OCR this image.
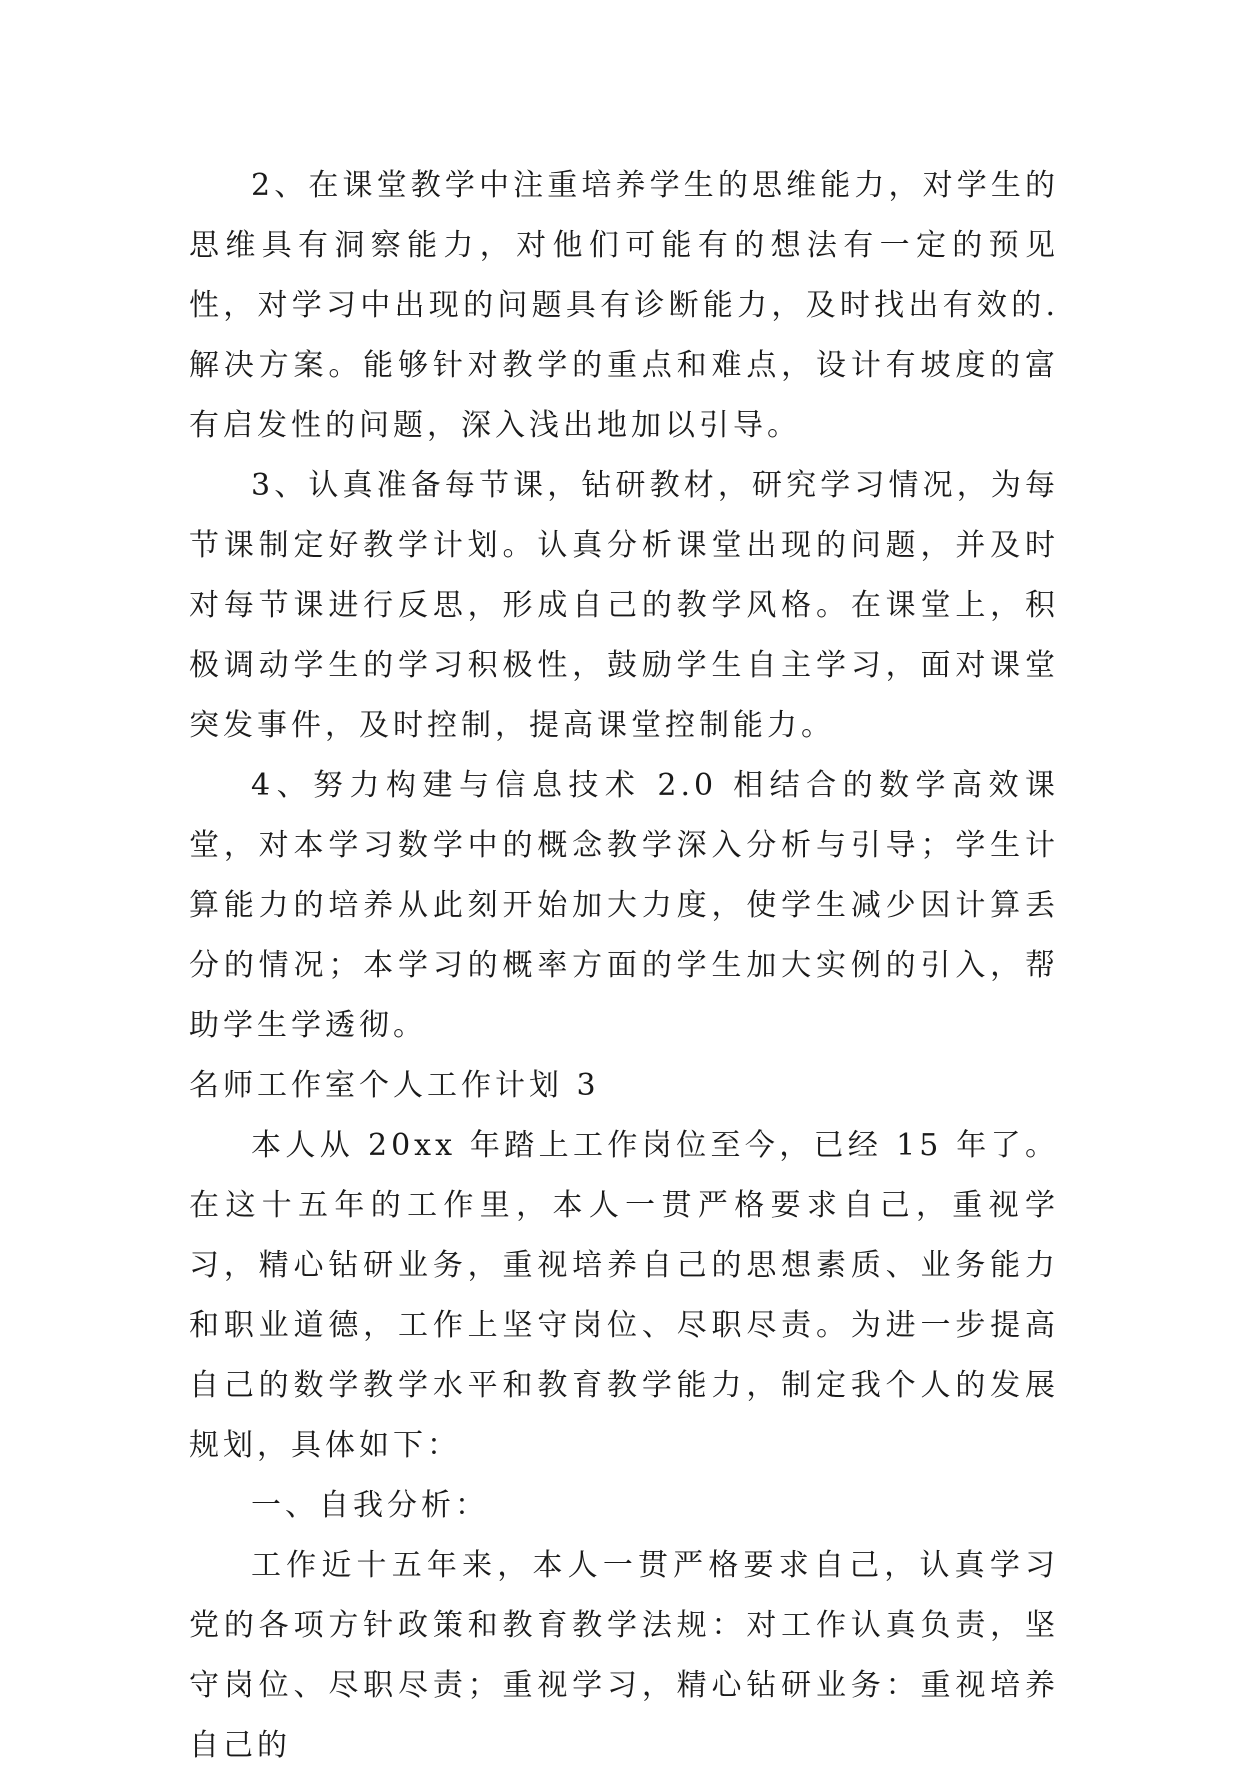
2、在课堂教学中注重培养学生的思维能力，对学生的思维具有洞察能力，对他们可能有的想法有一定的预见性，对学习中出现的问题具有诊断能力，及时找出有效的.解决方案。能够针对教学的重点和难点，设计有坡度的富有启发性的问题，深入浅出地加以引导。

3、认真准备每节课，钻研教材，研究学习情况，为每节课制定好教学计划。认真分析课堂出现的问题，并及时对每节课进行反思，形成自己的教学风格。在课堂上，积极调动学生的学习积极性，鼓励学生自主学习，面对课堂突发事件，及时控制，提高课堂控制能力。

4、努力构建与信息技术 2.0 相结合的数学高效课堂，对本学习数学中的概念教学深入分析与引导；学生计算能力的培养从此刻开始加大力度，使学生减少因计算丢分的情况；本学习的概率方面的学生加大实例的引入，帮助学生学透彻。

名师工作室个人工作计划 3

本人从 20xx 年踏上工作岗位至今，已经 15 年了。在这十五年的工作里，本人一贯严格要求自己，重视学习，精心钻研业务，重视培养自己的思想素质、业务能力和职业道德，工作上坚守岗位、尽职尽责。为进一步提高自己的数学教学水平和教育教学能力，制定我个人的发展规划，具体如下：

一、自我分析：

工作近十五年来，本人一贯严格要求自己，认真学习党的各项方针政策和教育教学法规：对工作认真负责，坚守岗位、尽职尽责；重视学习，精心钻研业务：重视培养自己的
